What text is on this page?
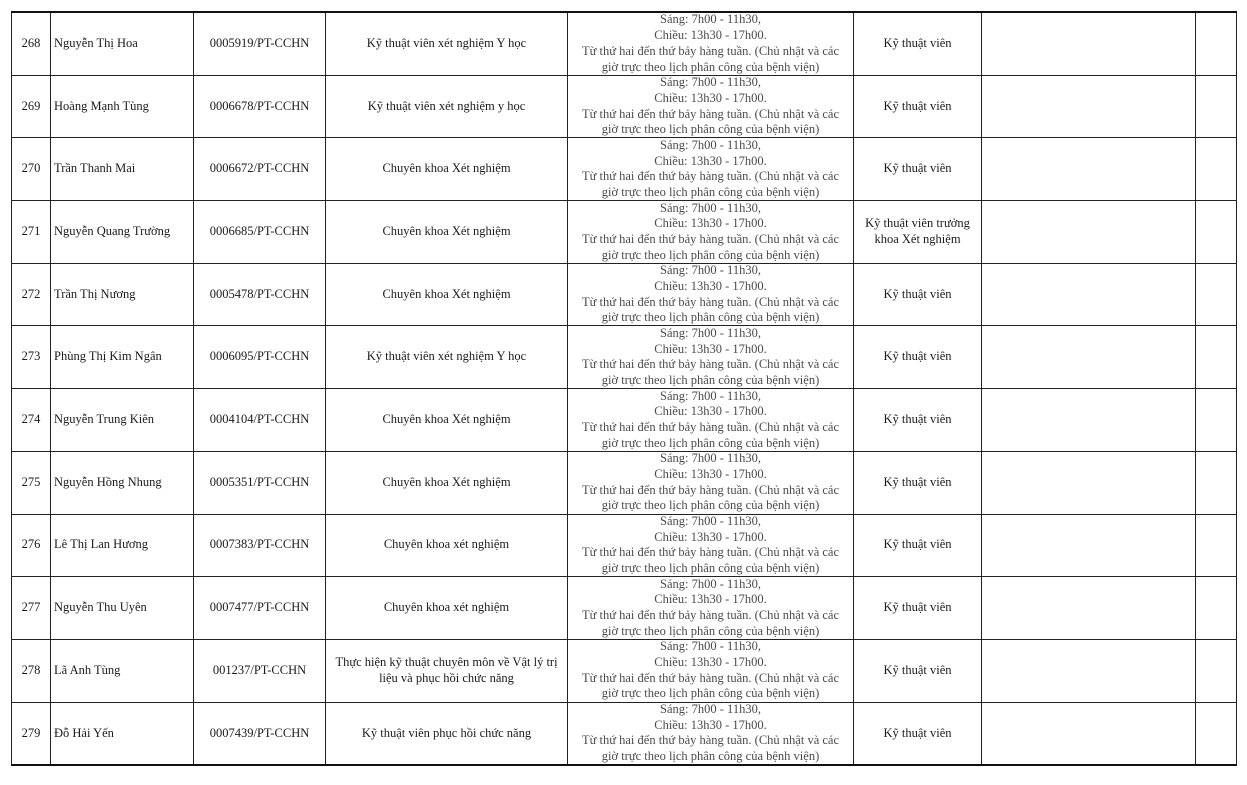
268	Nguyễn Thị Hoa	0005919/PT-CCHN	Kỹ thuật viên xét nghiệm Y học	Sáng: 7h00 - 11h30,
Chiều: 13h30 - 17h00.
Từ thứ hai đến thứ bảy hàng tuần. (Chủ nhật và các
giờ trực theo lịch phân công của bệnh viện)	Kỹ thuật viên		
269	Hoàng Mạnh Tùng	0006678/PT-CCHN	Kỹ thuật viên xét nghiệm y học	Sáng: 7h00 - 11h30,
Chiều: 13h30 - 17h00.
Từ thứ hai đến thứ bảy hàng tuần. (Chủ nhật và các
giờ trực theo lịch phân công của bệnh viện)	Kỹ thuật viên		
270	Trần Thanh Mai	0006672/PT-CCHN	Chuyên khoa Xét nghiệm	Sáng: 7h00 - 11h30,
Chiều: 13h30 - 17h00.
Từ thứ hai đến thứ bảy hàng tuần. (Chủ nhật và các
giờ trực theo lịch phân công của bệnh viện)	Kỹ thuật viên		
271	Nguyễn Quang Trường	0006685/PT-CCHN	Chuyên khoa Xét nghiệm	Sáng: 7h00 - 11h30,
Chiều: 13h30 - 17h00.
Từ thứ hai đến thứ bảy hàng tuần. (Chủ nhật và các
giờ trực theo lịch phân công của bệnh viện)	Kỹ thuật viên trưởng khoa Xét nghiệm		
272	Trần Thị Nương	0005478/PT-CCHN	Chuyên khoa Xét nghiệm	Sáng: 7h00 - 11h30,
Chiều: 13h30 - 17h00.
Từ thứ hai đến thứ bảy hàng tuần. (Chủ nhật và các
giờ trực theo lịch phân công của bệnh viện)	Kỹ thuật viên		
273	Phùng Thị Kim Ngân	0006095/PT-CCHN	Kỹ thuật viên xét nghiệm Y học	Sáng: 7h00 - 11h30,
Chiều: 13h30 - 17h00.
Từ thứ hai đến thứ bảy hàng tuần. (Chủ nhật và các
giờ trực theo lịch phân công của bệnh viện)	Kỹ thuật viên		
274	Nguyễn Trung Kiên	0004104/PT-CCHN	Chuyên khoa Xét nghiệm	Sáng: 7h00 - 11h30,
Chiều: 13h30 - 17h00.
Từ thứ hai đến thứ bảy hàng tuần. (Chủ nhật và các
giờ trực theo lịch phân công của bệnh viện)	Kỹ thuật viên		
275	Nguyễn Hồng Nhung	0005351/PT-CCHN	Chuyên khoa Xét nghiệm	Sáng: 7h00 - 11h30,
Chiều: 13h30 - 17h00.
Từ thứ hai đến thứ bảy hàng tuần. (Chủ nhật và các
giờ trực theo lịch phân công của bệnh viện)	Kỹ thuật viên		
276	Lê Thị Lan Hương	0007383/PT-CCHN	Chuyên khoa xét nghiệm	Sáng: 7h00 - 11h30,
Chiều: 13h30 - 17h00.
Từ thứ hai đến thứ bảy hàng tuần. (Chủ nhật và các
giờ trực theo lịch phân công của bệnh viện)	Kỹ thuật viên		
277	Nguyễn Thu Uyên	0007477/PT-CCHN	Chuyên khoa xét nghiệm	Sáng: 7h00 - 11h30,
Chiều: 13h30 - 17h00.
Từ thứ hai đến thứ bảy hàng tuần. (Chủ nhật và các
giờ trực theo lịch phân công của bệnh viện)	Kỹ thuật viên		
278	Lã Anh Tùng	001237/PT-CCHN	Thực hiện kỹ thuật chuyên môn về Vật lý trị liệu và phục hồi chức năng	Sáng: 7h00 - 11h30,
Chiều: 13h30 - 17h00.
Từ thứ hai đến thứ bảy hàng tuần. (Chủ nhật và các
giờ trực theo lịch phân công của bệnh viện)	Kỹ thuật viên		
279	Đỗ Hải Yến	0007439/PT-CCHN	Kỹ thuật viên phục hồi chức năng	Sáng: 7h00 - 11h30,
Chiều: 13h30 - 17h00.
Từ thứ hai đến thứ bảy hàng tuần. (Chủ nhật và các
giờ trực theo lịch phân công của bệnh viện)	Kỹ thuật viên		
